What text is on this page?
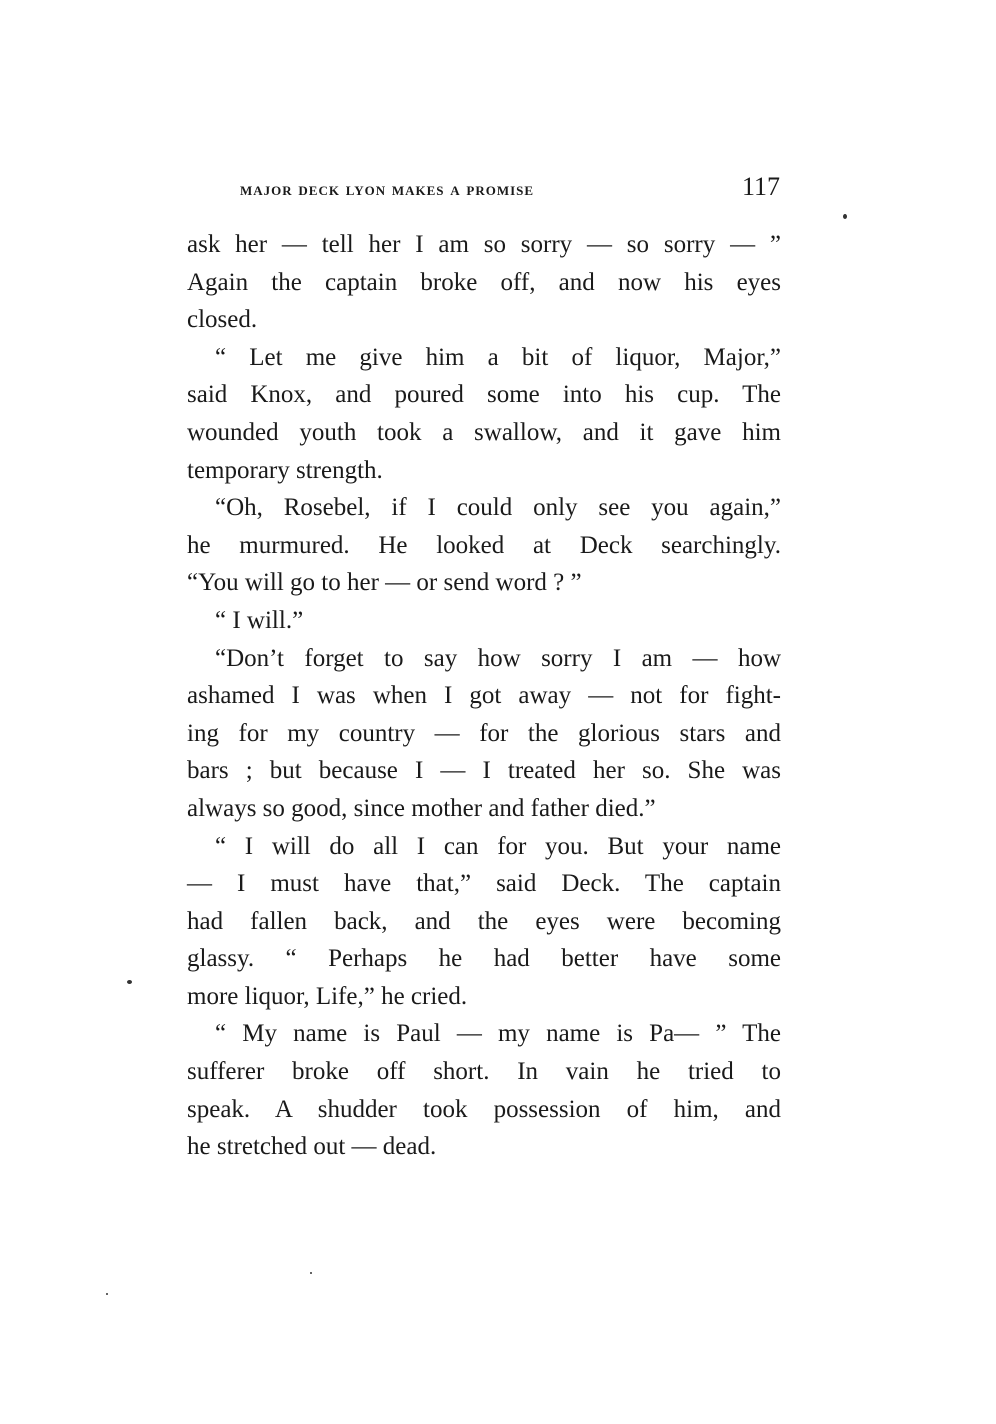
major deck lyon makes a promise	117
ask her — tell her I am so sorry — so sorry — ”
Again the captain broke off, and now his eyes
closed.
“ Let me give him a bit of liquor, Major,”
said Knox, and poured some into his cup. The
wounded youth took a swallow, and it gave him
temporary strength.
“Oh, Rosebel, if I could only see you again,”
he murmured. He looked at Deck searchingly.
“You will go to her — or send word ? ”
“ I will.”
“Don’t forget to say how sorry I am — how
ashamed I was when I got away — not for fight-
ing for my country — for the glorious stars and
bars ; but because I — I treated her so. She was
always so good, since mother and father died.”
“ I will do all I can for you. But your name
— I must have that,” said Deck. The captain
had fallen back, and the eyes were becoming
glassy. “ Perhaps he had better have some
more liquor, Life,” he cried.
“ My name is Paul — my name is Pa— ” The
sufferer broke off short. In vain he tried to
speak. A shudder took possession of him, and
he stretched out — dead.
